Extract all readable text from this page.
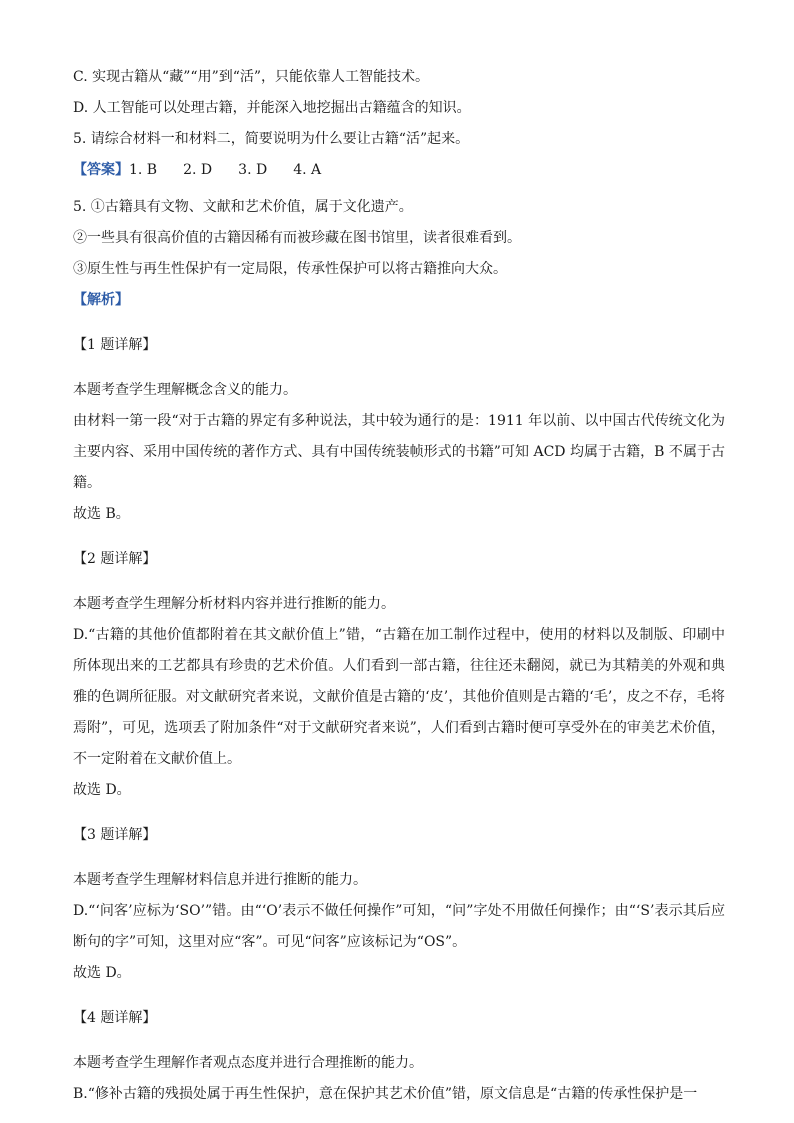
C. 实现古籍从“藏”“用”到“活”，只能依靠人工智能技术。

D. 人工智能可以处理古籍，并能深入地挖掘出古籍蕴含的知识。

5. 请综合材料一和材料二，简要说明为什么要让古籍“活”起来。

【答案】1. B 2. D 3. D 4. A

5. ①古籍具有文物、文献和艺术价值，属于文化遗产。

②一些具有很高价值的古籍因稀有而被珍藏在图书馆里，读者很难看到。

③原生性与再生性保护有一定局限，传承性保护可以将古籍推向大众。

【解析】

【1 题详解】

本题考查学生理解概念含义的能力。

由材料一第一段“对于古籍的界定有多种说法，其中较为通行的是：1911 年以前、以中国古代传统文化为主要内容、采用中国传统的著作方式、具有中国传统装帧形式的书籍”可知 ACD 均属于古籍，B 不属于古籍。

故选 B。

【2 题详解】

本题考查学生理解分析材料内容并进行推断的能力。

D.“古籍的其他价值都附着在其文献价值上”错，“古籍在加工制作过程中，使用的材料以及制版、印刷中所体现出来的工艺都具有珍贵的艺术价值。人们看到一部古籍，往往还未翻阅，就已为其精美的外观和典雅的色调所征服。对文献研究者来说，文献价值是古籍的‘皮’，其他价值则是古籍的‘毛’，皮之不存，毛将焉附”，可见，选项丢了附加条件“对于文献研究者来说”，人们看到古籍时便可享受外在的审美艺术价值，不一定附着在文献价值上。

故选 D。

【3 题详解】

本题考查学生理解材料信息并进行推断的能力。

D.“‘问客’应标为‘SO’”错。由“‘O’表示不做任何操作”可知，“问”字处不用做任何操作；由“‘S’表示其后应断句的字”可知，这里对应“客”。可见“问客”应该标记为“OS”。

故选 D。

【4 题详解】

本题考查学生理解作者观点态度并进行合理推断的能力。

B.“修补古籍的残损处属于再生性保护，意在保护其艺术价值”错，原文信息是“古籍的传承性保护是一
